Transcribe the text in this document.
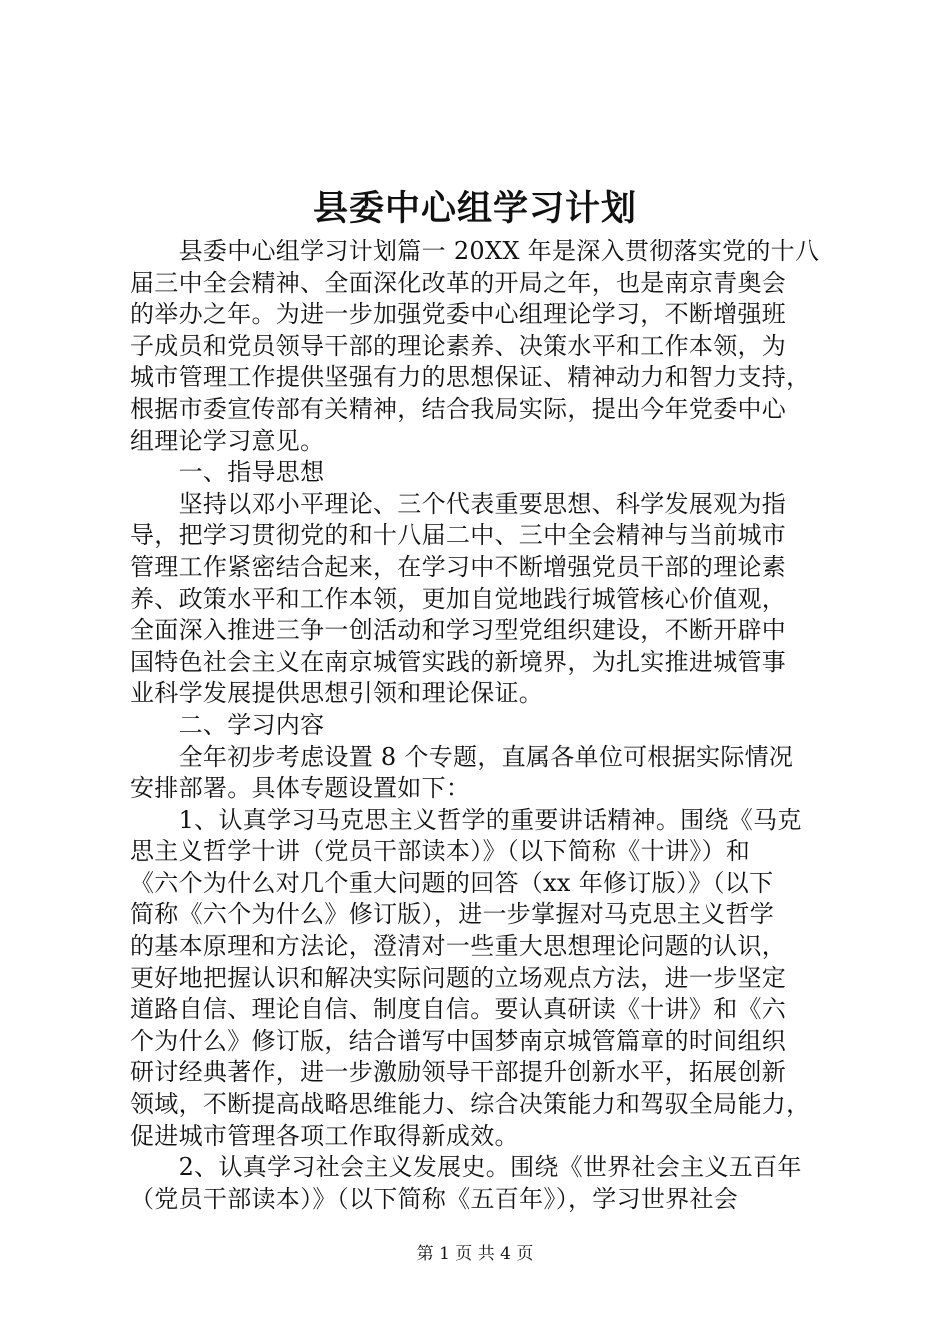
县委中心组学习计划
　　县委中心组学习计划篇一 20XX 年是深入贯彻落实党的十八
届三中全会精神、全面深化改革的开局之年，也是南京青奥会
的举办之年。为进一步加强党委中心组理论学习，不断增强班
子成员和党员领导干部的理论素养、决策水平和工作本领，为
城市管理工作提供坚强有力的思想保证、精神动力和智力支持，
根据市委宣传部有关精神，结合我局实际，提出今年党委中心
组理论学习意见。
　　一、指导思想
　　坚持以邓小平理论、三个代表重要思想、科学发展观为指
导，把学习贯彻党的和十八届二中、三中全会精神与当前城市
管理工作紧密结合起来，在学习中不断增强党员干部的理论素
养、政策水平和工作本领，更加自觉地践行城管核心价值观，
全面深入推进三争一创活动和学习型党组织建设，不断开辟中
国特色社会主义在南京城管实践的新境界，为扎实推进城管事
业科学发展提供思想引领和理论保证。
　　二、学习内容
　　全年初步考虑设置 8 个专题，直属各单位可根据实际情况
安排部署。具体专题设置如下：
　　1、认真学习马克思主义哲学的重要讲话精神。围绕《马克
思主义哲学十讲（党员干部读本）》（以下简称《十讲》）和
《六个为什么对几个重大问题的回答（xx 年修订版）》（以下
简称《六个为什么》修订版），进一步掌握对马克思主义哲学
的基本原理和方法论，澄清对一些重大思想理论问题的认识，
更好地把握认识和解决实际问题的立场观点方法，进一步坚定
道路自信、理论自信、制度自信。要认真研读《十讲》和《六
个为什么》修订版，结合谱写中国梦南京城管篇章的时间组织
研讨经典著作，进一步激励领导干部提升创新水平，拓展创新
领域，不断提高战略思维能力、综合决策能力和驾驭全局能力，
促进城市管理各项工作取得新成效。
　　2、认真学习社会主义发展史。围绕《世界社会主义五百年
（党员干部读本）》（以下简称《五百年》），学习世界社会
第 1 页 共 4 页
